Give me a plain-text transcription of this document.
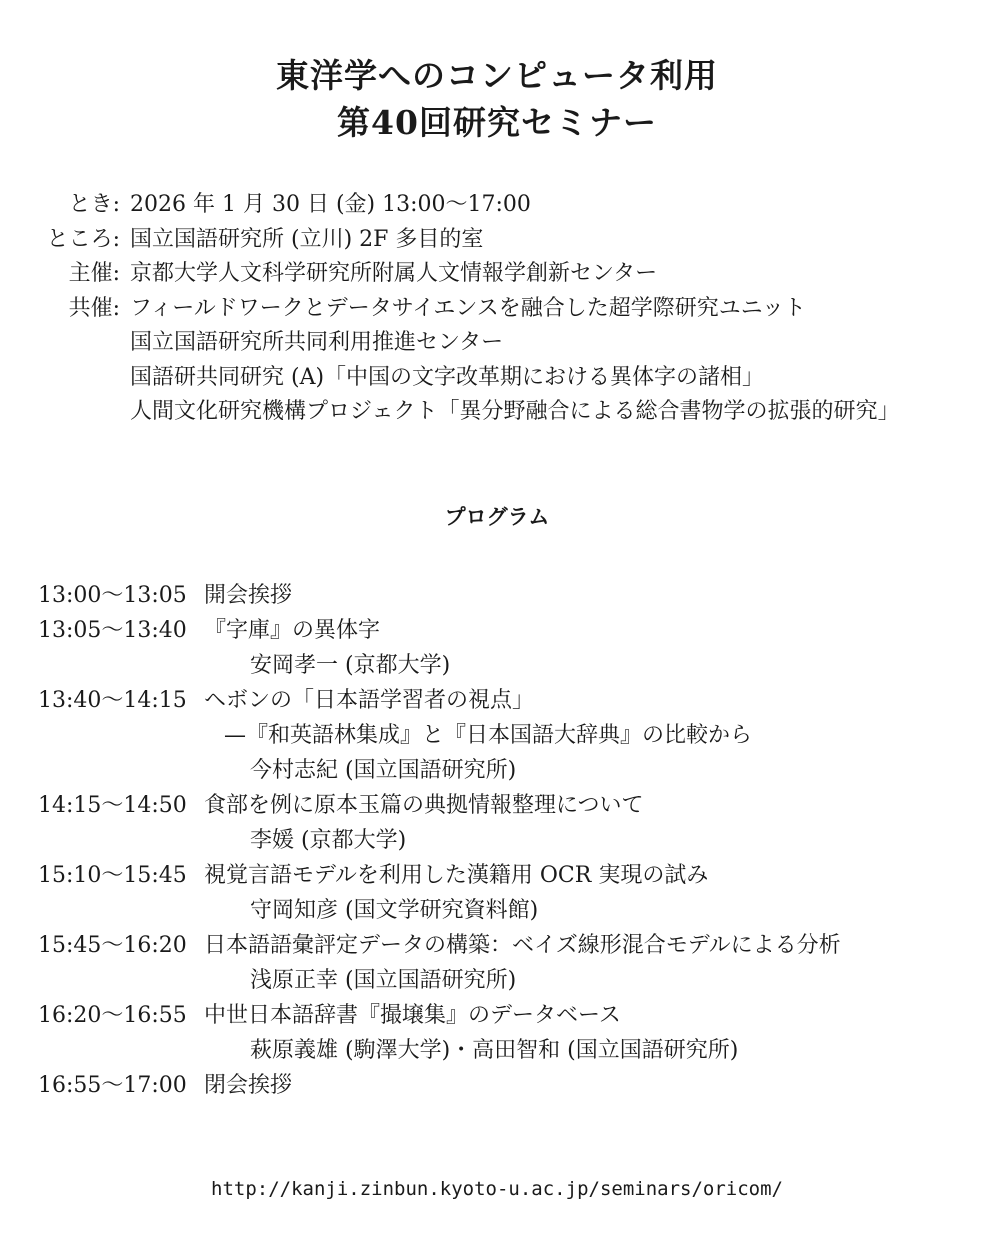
東洋学へのコンピュータ利用
第40回研究セミナー
とき: 2026 年 1 月 30 日 (金) 13:00〜17:00
ところ: 国立国語研究所 (立川) 2F 多目的室
主催: 京都大学人文科学研究所附属人文情報学創新センター
共催: フィールドワークとデータサイエンスを融合した超学際研究ユニット
国立国語研究所共同利用推進センター
国語研共同研究 (A)「中国の文字改革期における異体字の諸相」
人間文化研究機構プロジェクト「異分野融合による総合書物学の拡張的研究」
プログラム
13:00〜13:05 開会挨拶
13:05〜13:40 『字庫』の異体字
安岡孝一 (京都大学)
13:40〜14:15 ヘボンの「日本語学習者の視点」
—『和英語林集成』と『日本国語大辞典』の比較から
今村志紀 (国立国語研究所)
14:15〜14:50 食部を例に原本玉篇の典拠情報整理について
李媛 (京都大学)
15:10〜15:45 視覚言語モデルを利用した漢籍用 OCR 実現の試み
守岡知彦 (国文学研究資料館)
15:45〜16:20 日本語語彙評定データの構築：ベイズ線形混合モデルによる分析
浅原正幸 (国立国語研究所)
16:20〜16:55 中世日本語辞書『撮壌集』のデータベース
萩原義雄 (駒澤大学)・高田智和 (国立国語研究所)
16:55〜17:00 閉会挨拶
http://kanji.zinbun.kyoto-u.ac.jp/seminars/oricom/
